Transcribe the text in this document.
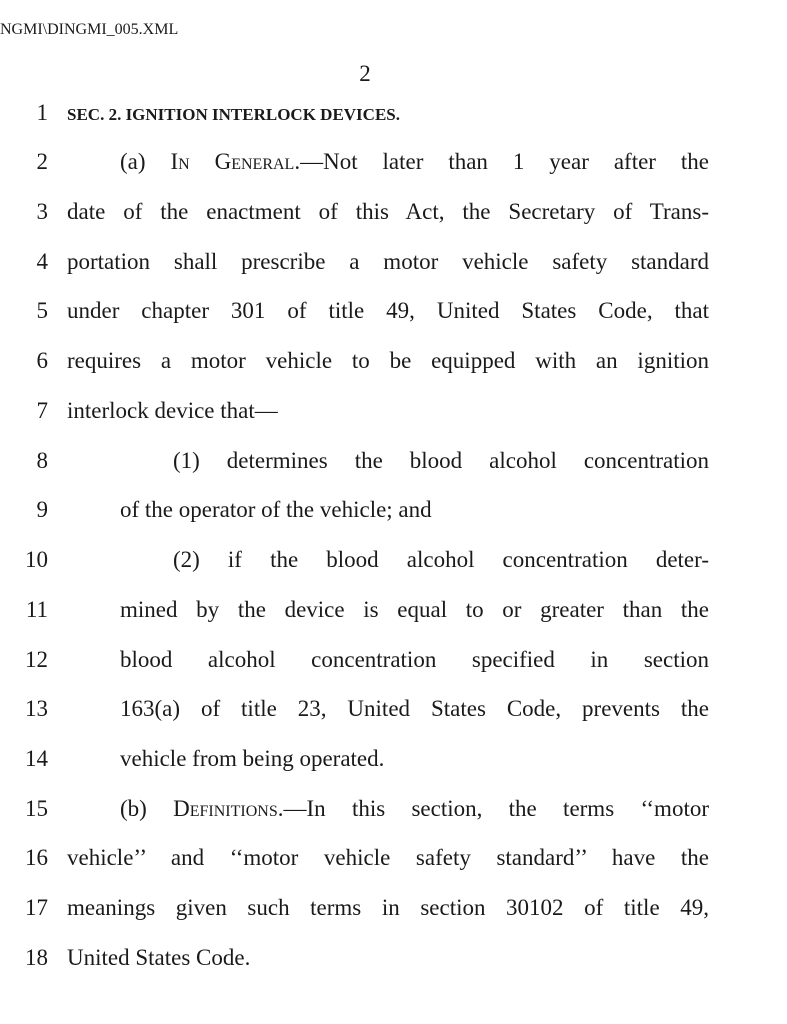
NGMI\DINGMI_005.XML
2
1 SEC. 2. IGNITION INTERLOCK DEVICES.
2	(a) In General.—Not later than 1 year after the
3 date of the enactment of this Act, the Secretary of Trans-
4 portation shall prescribe a motor vehicle safety standard
5 under chapter 301 of title 49, United States Code, that
6 requires a motor vehicle to be equipped with an ignition
7 interlock device that—
8	(1) determines the blood alcohol concentration
9	of the operator of the vehicle; and
10	(2) if the blood alcohol concentration deter-
11	mined by the device is equal to or greater than the
12	blood alcohol concentration specified in section
13	163(a) of title 23, United States Code, prevents the
14	vehicle from being operated.
15	(b) Definitions.—In this section, the terms ‘‘motor
16 vehicle’’ and ‘‘motor vehicle safety standard’’ have the
17 meanings given such terms in section 30102 of title 49,
18 United States Code.
